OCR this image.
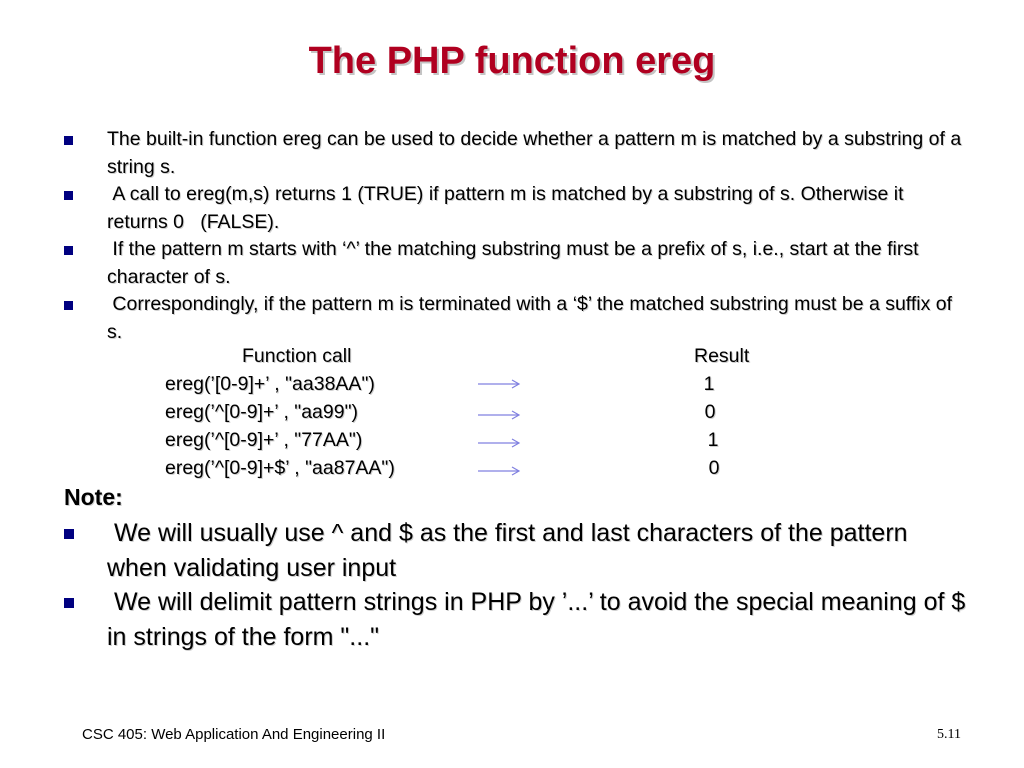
The PHP function ereg
The built-in function ereg can be used to decide whether a pattern m is matched by a substring of a string s.
A call to ereg(m,s) returns 1 (TRUE) if pattern m is matched by a substring of s. Otherwise it returns 0   (FALSE).
If the pattern m starts with ‘^’ the matching substring must be a prefix of s, i.e., start at the first character of s.
Correspondingly, if the pattern m is terminated with a ‘$’ the matched substring must be a suffix of s.
Function call	Result
ereg(’[0-9]+’ , "aa38AA")	1
ereg(’^[0-9]+’ , "aa99")	0
ereg(’^[0-9]+’ , "77AA")	1
ereg(’^[0-9]+$’ , "aa87AA")	0
Note:
We will usually use ^ and $ as the first and last characters of the pattern when validating user input
We will delimit pattern strings in PHP by ’...’ to avoid the special meaning of $ in strings of the form "..."
CSC 405: Web Application And Engineering II	5.11
